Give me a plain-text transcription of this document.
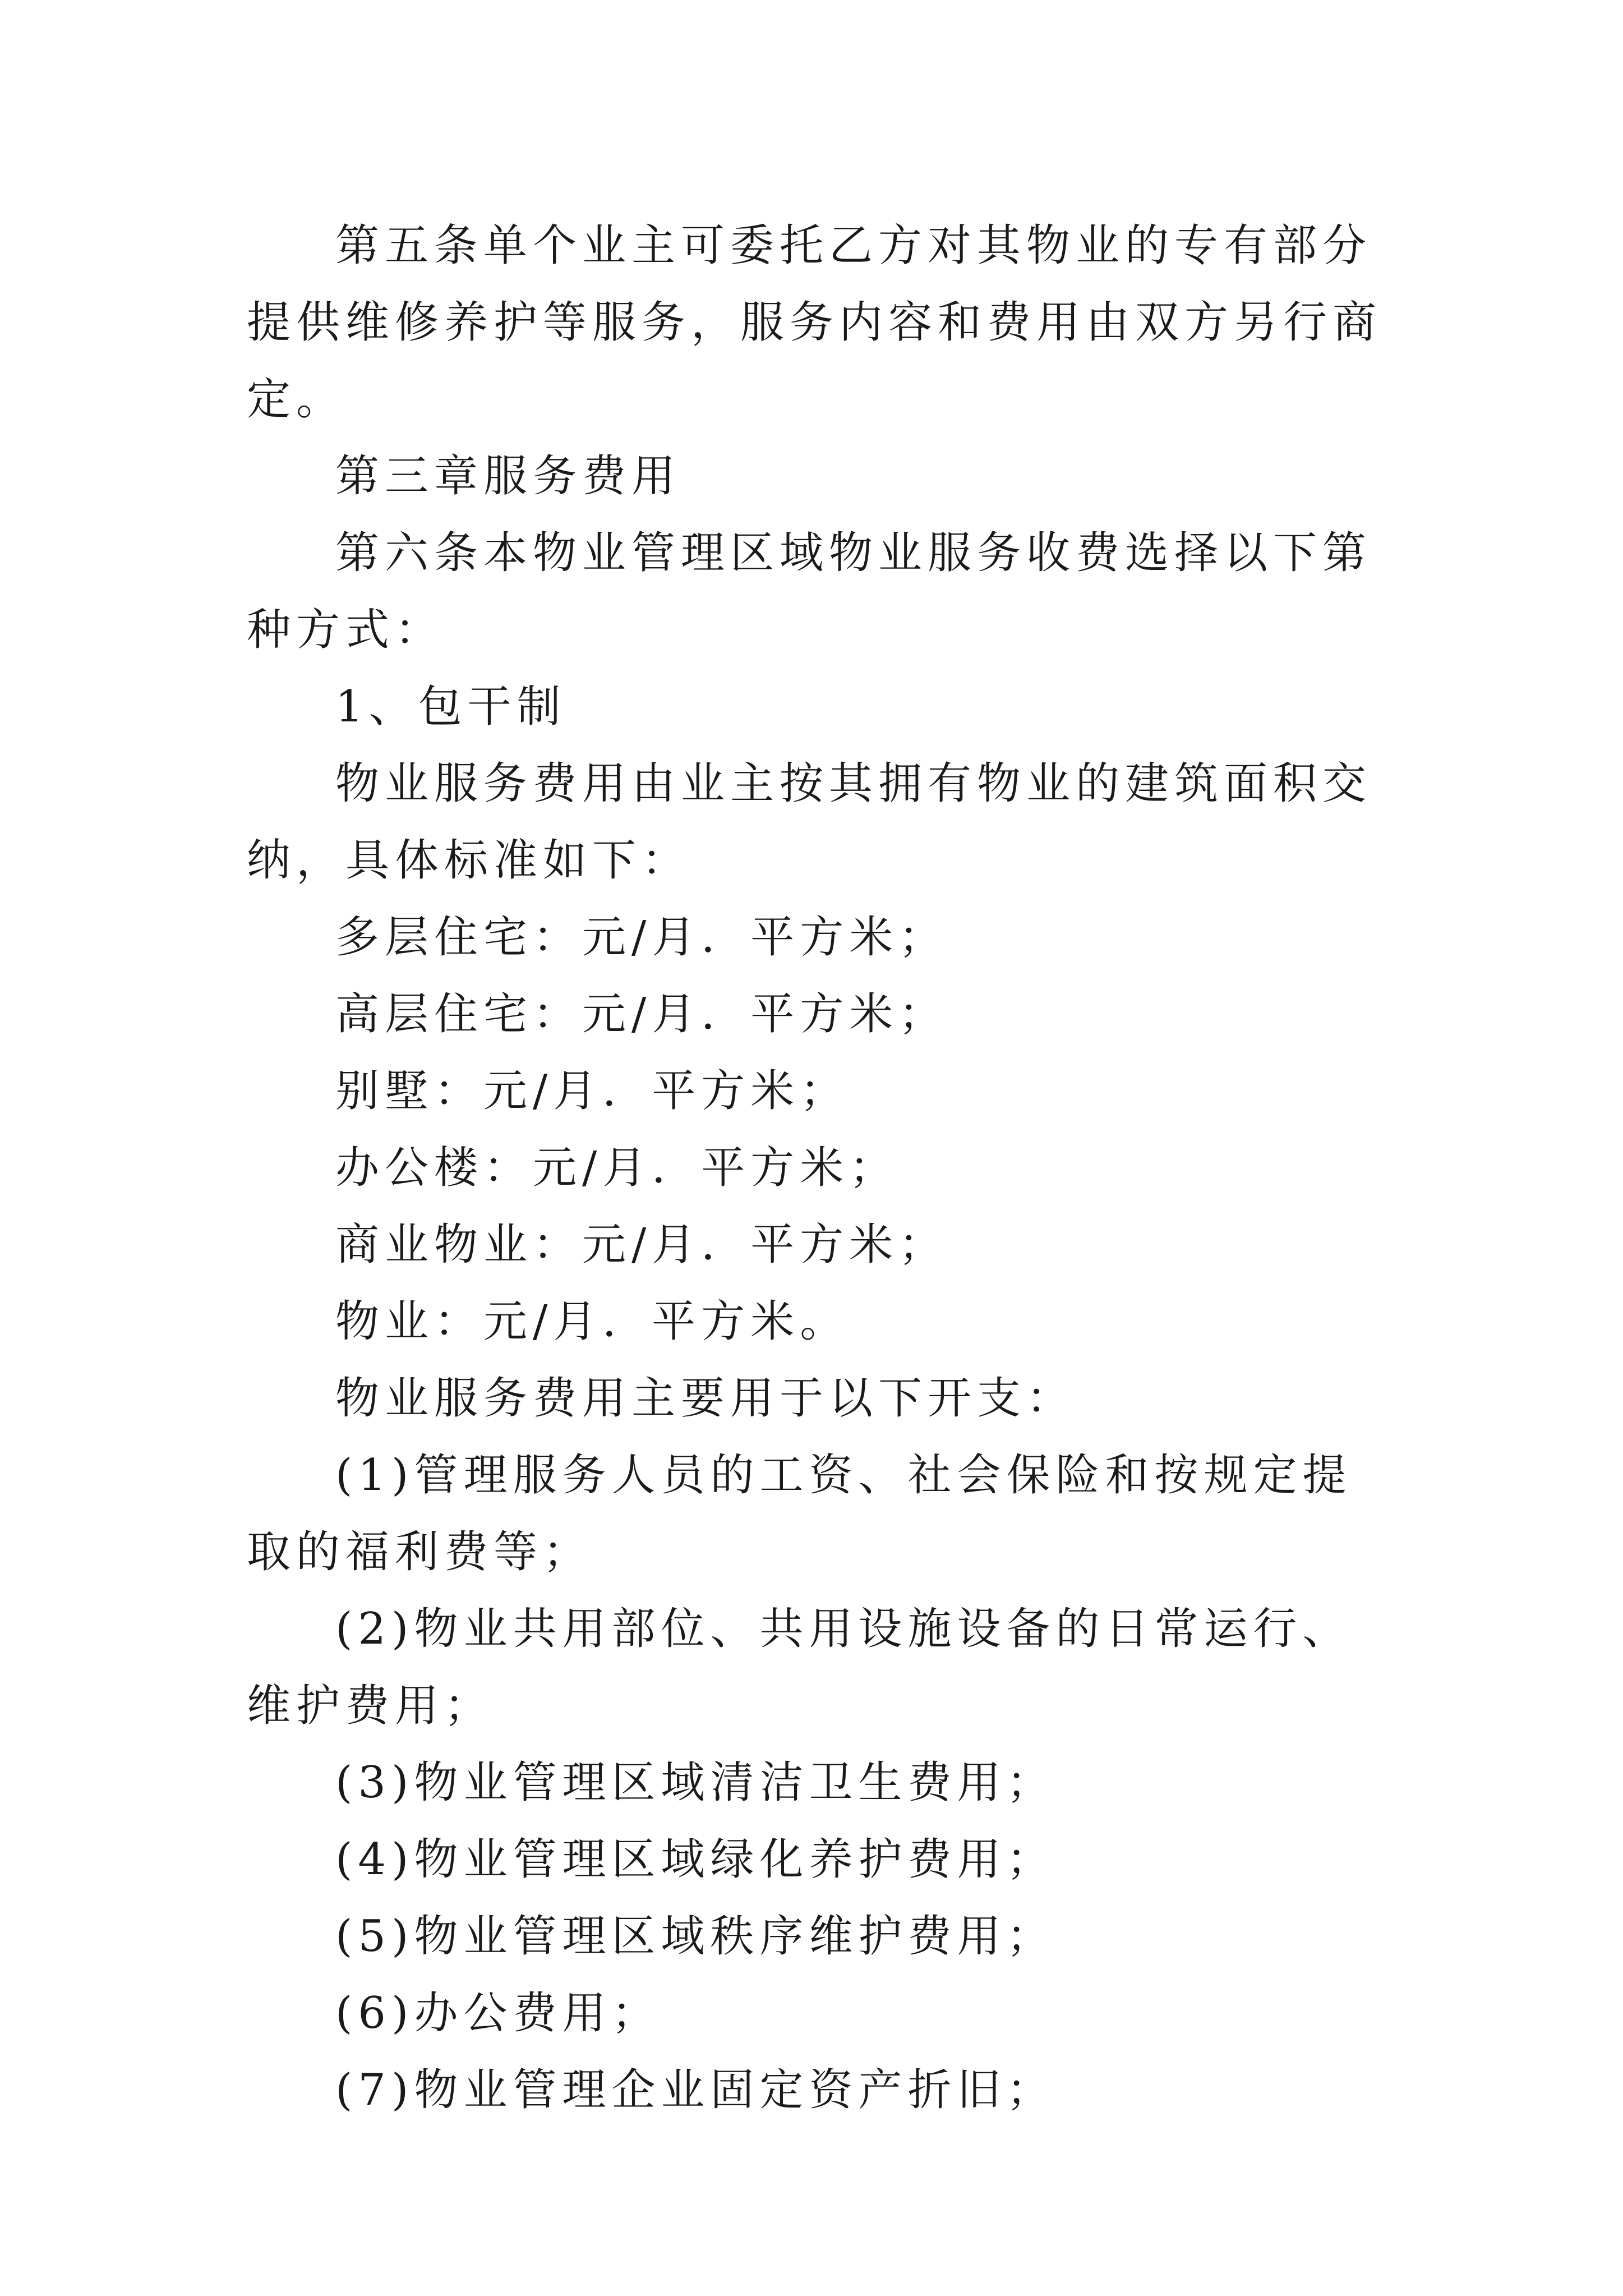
第五条单个业主可委托乙方对其物业的专有部分提供维修养护等服务，服务内容和费用由双方另行商定。

第三章服务费用

第六条本物业管理区域物业服务收费选择以下第 种方式：

1、包干制

物业服务费用由业主按其拥有物业的建筑面积交纳，具体标准如下：

多层住宅：元/月．平方米；

高层住宅：元/月．平方米；

别墅：元/月．平方米；

办公楼：元/月．平方米；

商业物业：元/月．平方米；

物业：元/月．平方米。

物业服务费用主要用于以下开支：

(1)管理服务人员的工资、社会保险和按规定提取的福利费等；

(2)物业共用部位、共用设施设备的日常运行、维护费用；

(3)物业管理区域清洁卫生费用；

(4)物业管理区域绿化养护费用；

(5)物业管理区域秩序维护费用；

(6)办公费用；

(7)物业管理企业固定资产折旧；
